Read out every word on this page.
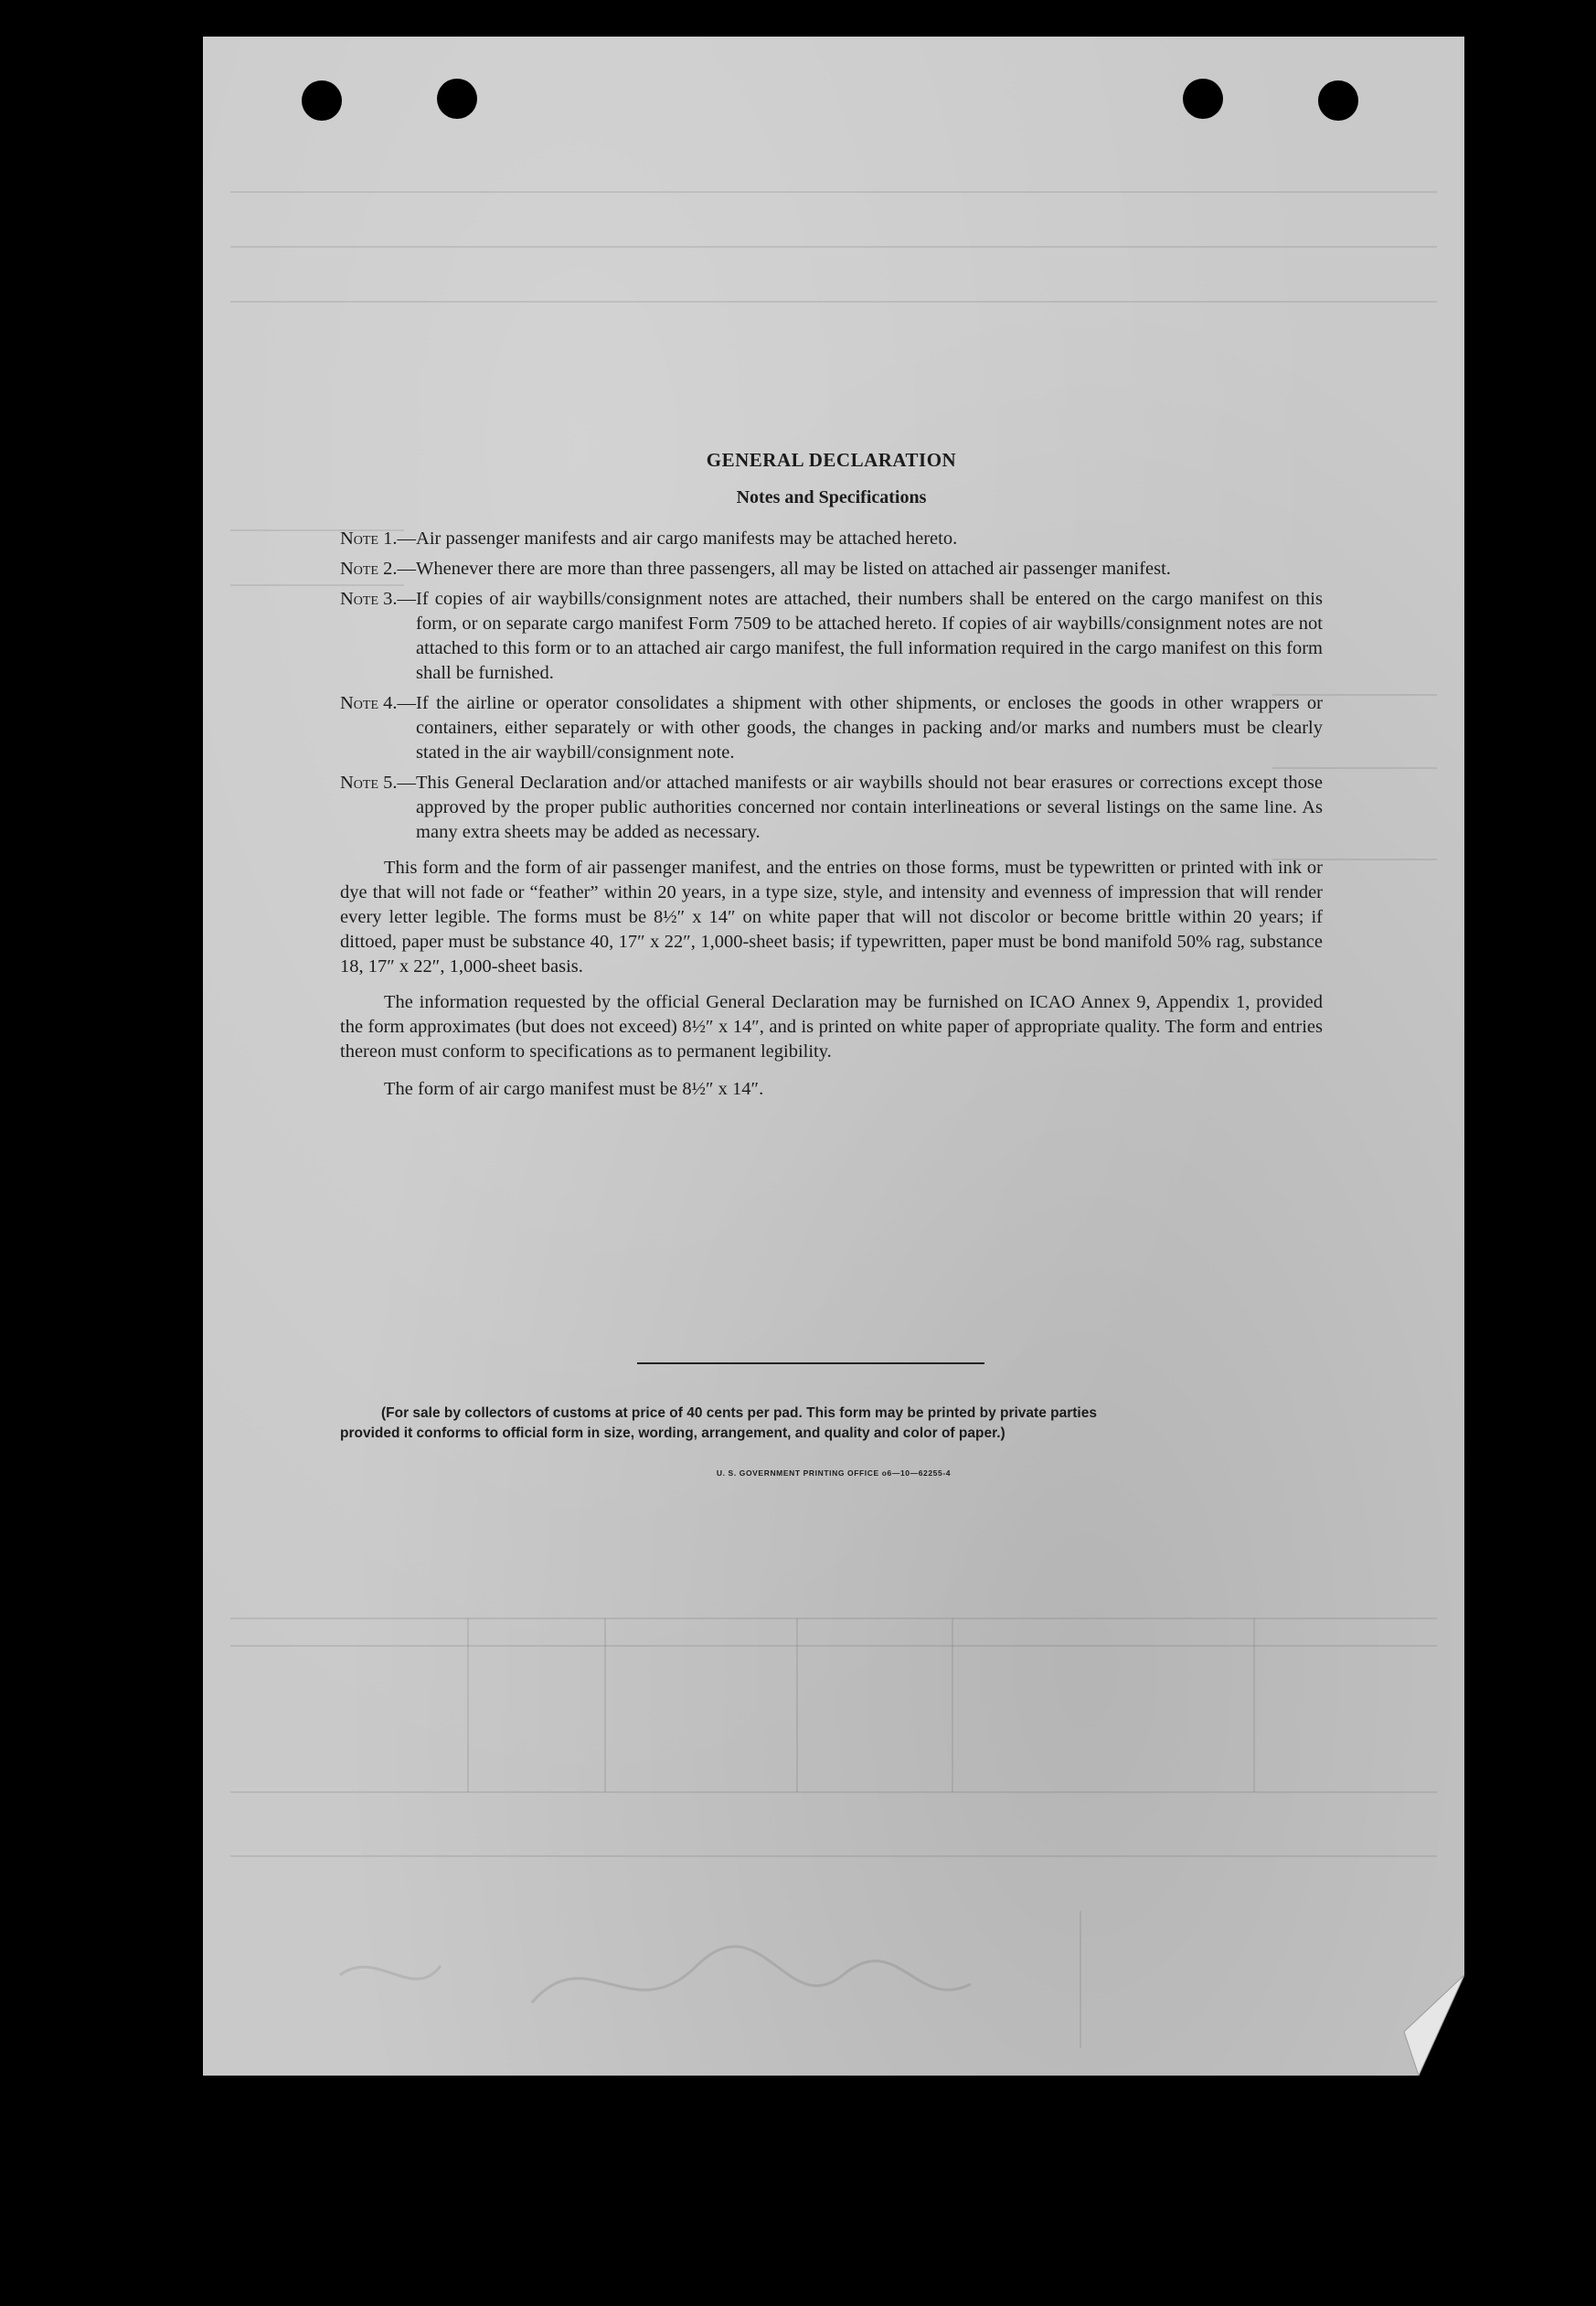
GENERAL DECLARATION
Notes and Specifications
Note 1.— Air passenger manifests and air cargo manifests may be attached hereto.
Note 2.— Whenever there are more than three passengers, all may be listed on attached air passenger manifest.
Note 3.— If copies of air waybills/consignment notes are attached, their numbers shall be entered on the cargo manifest on this form, or on separate cargo manifest Form 7509 to be attached hereto. If copies of air waybills/consignment notes are not attached to this form or to an attached air cargo manifest, the full information required in the cargo manifest on this form shall be furnished.
Note 4.— If the airline or operator consolidates a shipment with other shipments, or encloses the goods in other wrappers or containers, either separately or with other goods, the changes in packing and/or marks and numbers must be clearly stated in the air waybill/consignment note.
Note 5.— This General Declaration and/or attached manifests or air waybills should not bear erasures or corrections except those approved by the proper public authorities concerned nor contain interlineations or several listings on the same line. As many extra sheets may be added as necessary.

This form and the form of air passenger manifest, and the entries on those forms, must be typewritten or printed with ink or dye that will not fade or “feather” within 20 years, in a type size, style, and intensity and evenness of impression that will render every letter legible. The forms must be 8½″ x 14″ on white paper that will not discolor or become brittle within 20 years; if dittoed, paper must be substance 40, 17″ x 22″, 1,000-sheet basis; if typewritten, paper must be bond manifold 50% rag, substance 18, 17″ x 22″, 1,000-sheet basis.

The information requested by the official General Declaration may be furnished on ICAO Annex 9, Appendix 1, provided the form approximates (but does not exceed) 8½″ x 14″, and is printed on white paper of appropriate quality. The form and entries thereon must conform to specifications as to permanent legibility.

The form of air cargo manifest must be 8½″ x 14″.

(For sale by collectors of customs at price of 40 cents per pad. This form may be printed by private parties
provided it conforms to official form in size, wording, arrangement, and quality and color of paper.)
U. S. GOVERNMENT PRINTING OFFICE o6—10—62255-4
